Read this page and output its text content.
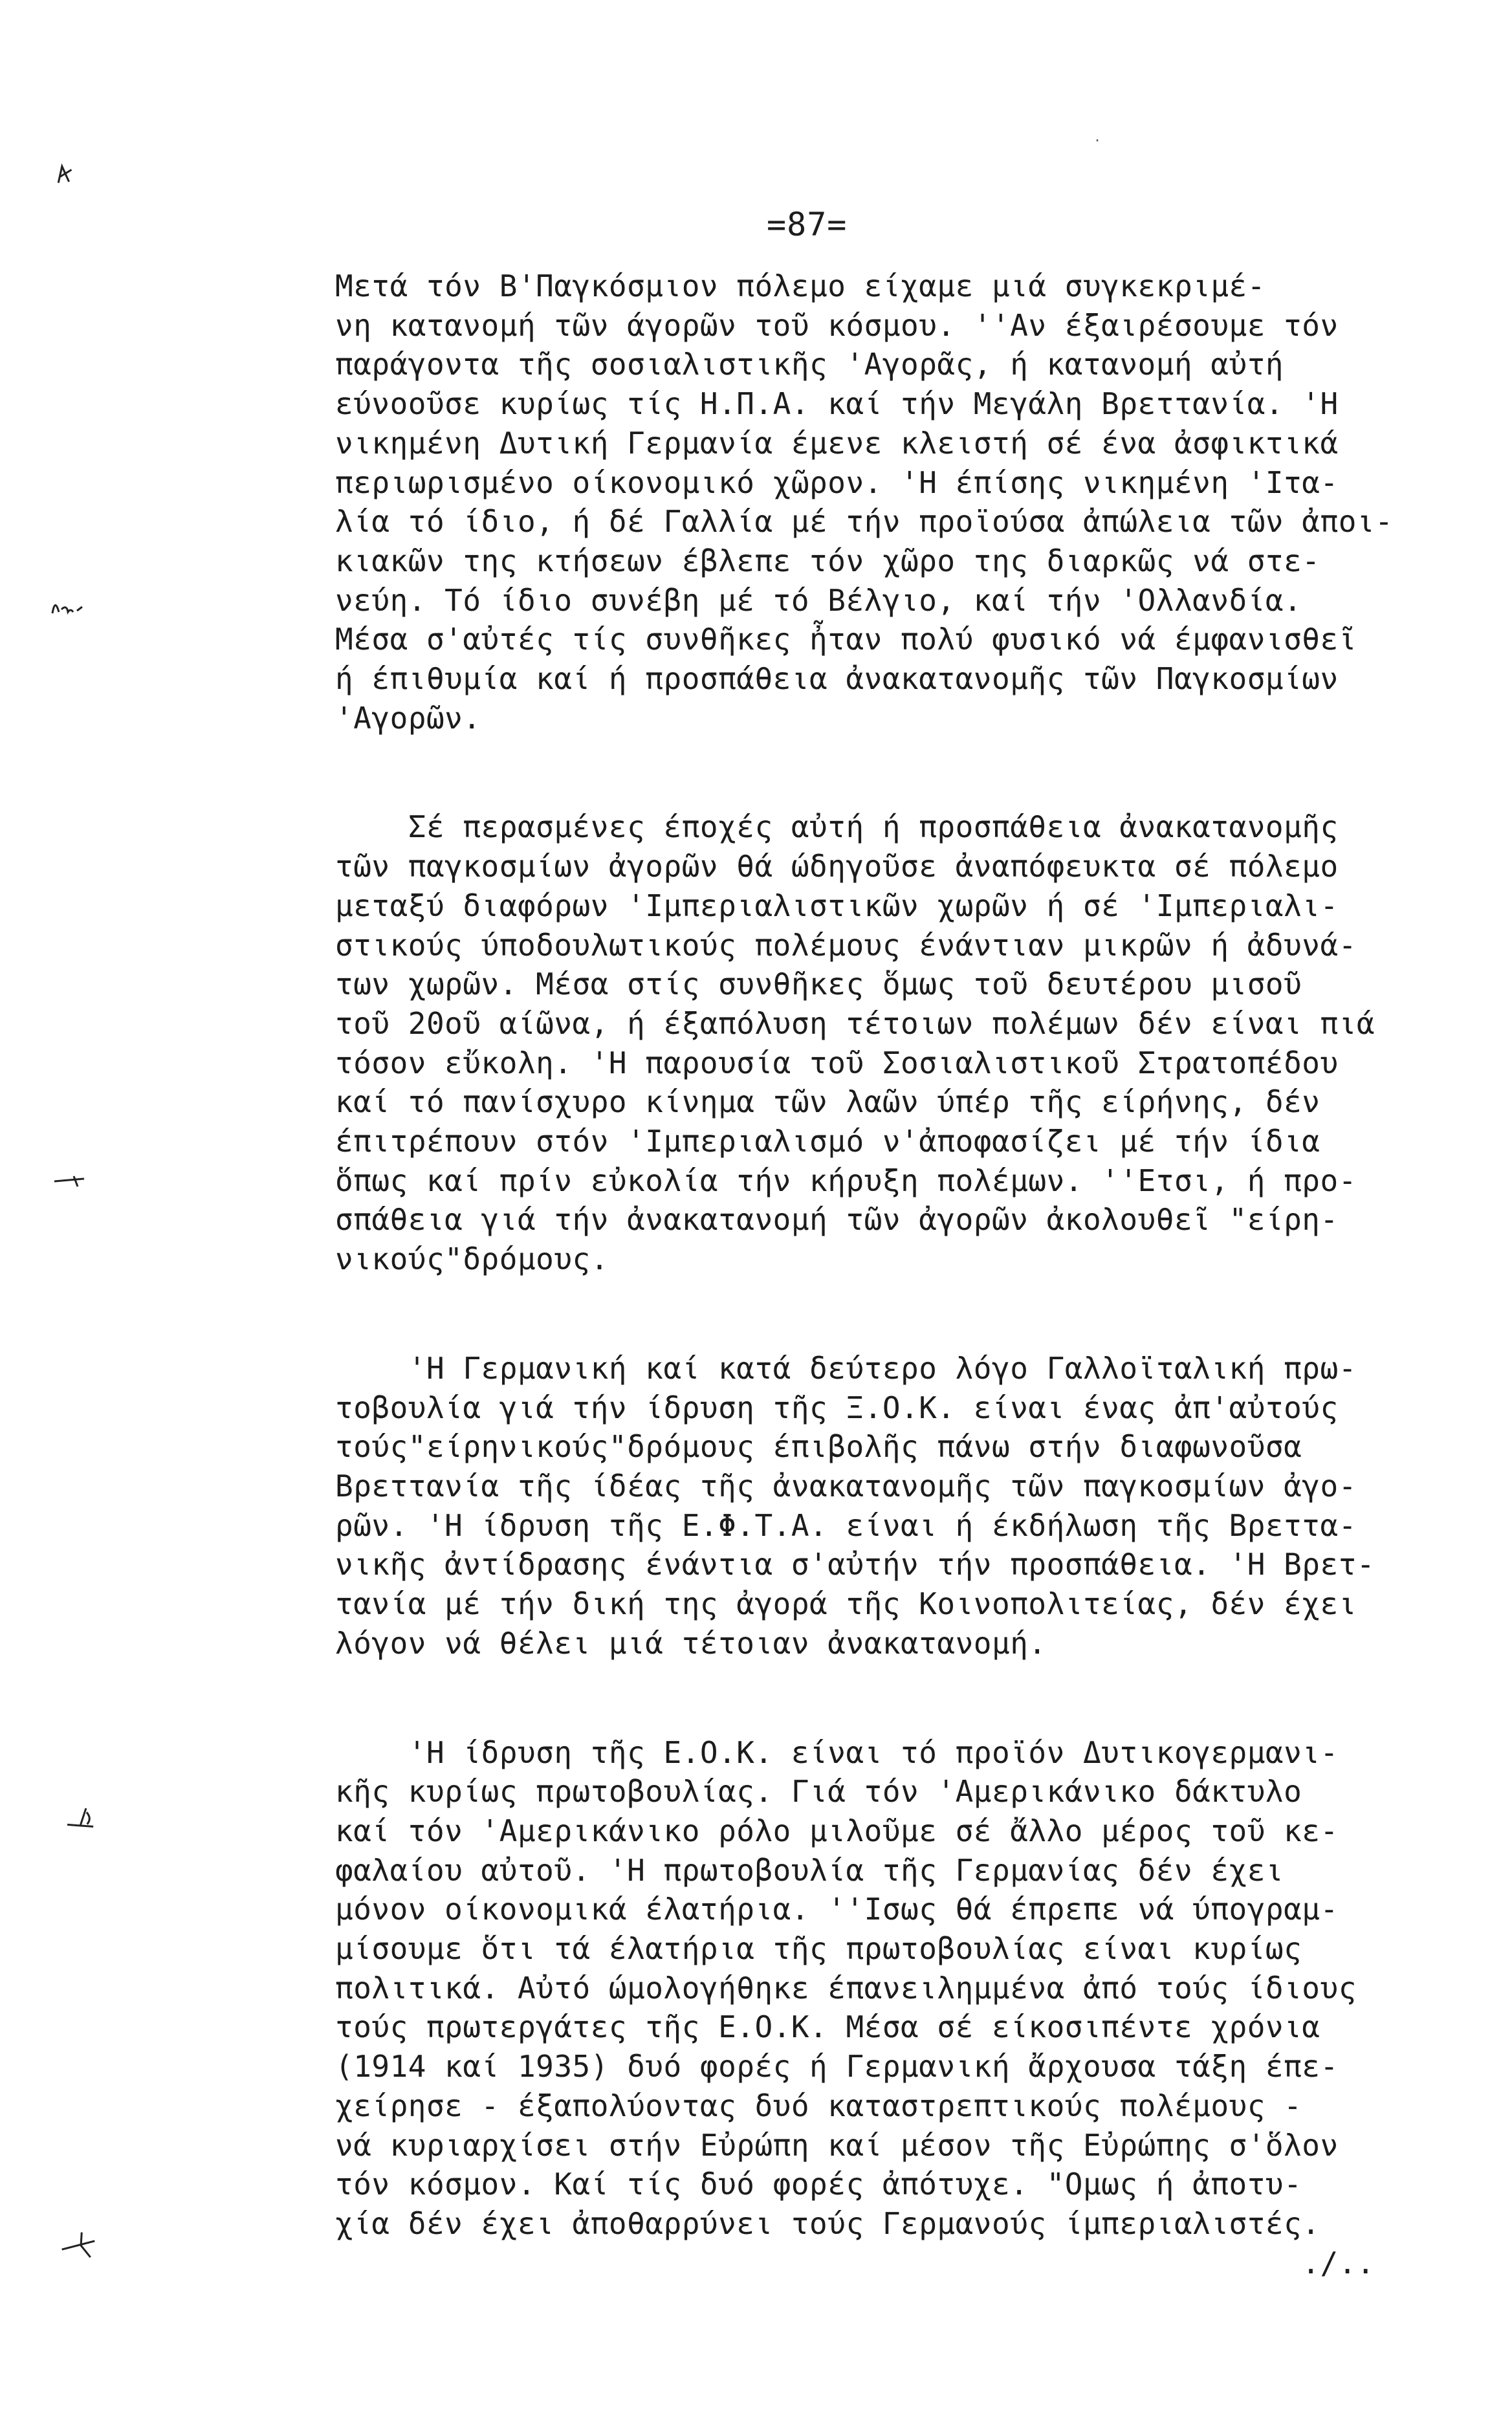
·
=87=
Μετά τόν Β'Παγκόσμιον πόλεμο είχαμε μιά συγκεκριμέ-
νη κατανομή τῶν άγορῶν τοῦ κόσμου. ''Αν έξαιρέσουμε τόν
παράγοντα τῆς σοσιαλιστικῆς 'Αγορᾶς, ή κατανομή αὐτή
εύνοοῦσε κυρίως τίς Η.Π.Α. καί τήν Μεγάλη Βρεττανία. 'Η
νικημένη Δυτική Γερμανία έμενε κλειστή σέ ένα ἀσφικτικά
περιωρισμένο οίκονομικό χῶρον. 'Η έπίσης νικημένη 'Ιτα-
λία τό ίδιο, ή δέ Γαλλία μέ τήν προϊούσα ἀπώλεια τῶν ἀποι-
κιακῶν της κτήσεων έβλεπε τόν χῶρο της διαρκῶς νά στε-
νεύη. Τό ίδιο συνέβη μέ τό Βέλγιο, καί τήν 'Ολλανδία.
Μέσα σ'αὐτές τίς συνθῆκες ἦταν πολύ φυσικό νά έμφανισθεῖ
ή έπιθυμία καί ή προσπάθεια ἀνακατανομῆς τῶν Παγκοσμίων
'Αγορῶν.
Σέ περασμένες έποχές αὐτή ή προσπάθεια ἀνακατανομῆς
τῶν παγκοσμίων ἀγορῶν θά ώδηγοῦσε ἀναπόφευκτα σέ πόλεμο
μεταξύ διαφόρων 'Ιμπεριαλιστικῶν χωρῶν ή σέ 'Ιμπεριαλι-
στικούς ύποδουλωτικούς πολέμους ένάντιαν μικρῶν ή ἀδυνά-
των χωρῶν. Μέσα στίς συνθῆκες ὅμως τοῦ δευτέρου μισοῦ
τοῦ 20οῦ αίῶνα, ή έξαπόλυση τέτοιων πολέμων δέν είναι πιά
τόσον εὔκολη. 'Η παρουσία τοῦ Σοσιαλιστικοῦ Στρατοπέδου
καί τό πανίσχυρο κίνημα τῶν λαῶν ύπέρ τῆς είρήνης, δέν
έπιτρέπουν στόν 'Ιμπεριαλισμό ν'ἀποφασίζει μέ τήν ίδια
ὅπως καί πρίν εὐκολία τήν κήρυξη πολέμων. ''Ετσι, ή προ-
σπάθεια γιά τήν ἀνακατανομή τῶν ἀγορῶν ἀκολουθεῖ "είρη-
νικούς"δρόμους.
'Η Γερμανική καί κατά δεύτερο λόγο Γαλλοϊταλική πρω-
τοβουλία γιά τήν ίδρυση τῆς Ξ.Ο.Κ. είναι ένας ἀπ'αὐτούς
τούς"είρηνικούς"δρόμους έπιβολῆς πάνω στήν διαφωνοῦσα
Βρεττανία τῆς ίδέας τῆς ἀνακατανομῆς τῶν παγκοσμίων ἀγο-
ρῶν. 'Η ίδρυση τῆς Ε.Φ.Τ.Α. είναι ή έκδήλωση τῆς Βρεττα-
νικῆς ἀντίδρασης ένάντια σ'αὐτήν τήν προσπάθεια. 'Η Βρετ-
τανία μέ τήν δική της ἀγορά τῆς Κοινοπολιτείας, δέν έχει
λόγον νά θέλει μιά τέτοιαν ἀνακατανομή.
'Η ίδρυση τῆς Ε.Ο.Κ. είναι τό προϊόν Δυτικογερμανι-
κῆς κυρίως πρωτοβουλίας. Γιά τόν 'Αμερικάνικο δάκτυλο
καί τόν 'Αμερικάνικο ρόλο μιλοῦμε σέ ἄλλο μέρος τοῦ κε-
φαλαίου αὐτοῦ. 'Η πρωτοβουλία τῆς Γερμανίας δέν έχει
μόνον οίκονομικά έλατήρια. ''Ισως θά έπρεπε νά ύπογραμ-
μίσουμε ὅτι τά έλατήρια τῆς πρωτοβουλίας είναι κυρίως
πολιτικά. Αὐτό ώμολογήθηκε έπανειλημμένα ἀπό τούς ίδιους
τούς πρωτεργάτες τῆς Ε.Ο.Κ. Μέσα σέ είκοσιπέντε χρόνια
(1914 καί 1935) δυό φορές ή Γερμανική ἄρχουσα τάξη έπε-
χείρησε - έξαπολύοντας δυό καταστρεπτικούς πολέμους -
νά κυριαρχίσει στήν Εὐρώπη καί μέσον τῆς Εὐρώπης σ'ὅλον
τόν κόσμον. Καί τίς δυό φορές ἀπότυχε. "Ομως ή ἀποτυ-
χία δέν έχει ἀποθαρρύνει τούς Γερμανούς ίμπεριαλιστές.
./..
